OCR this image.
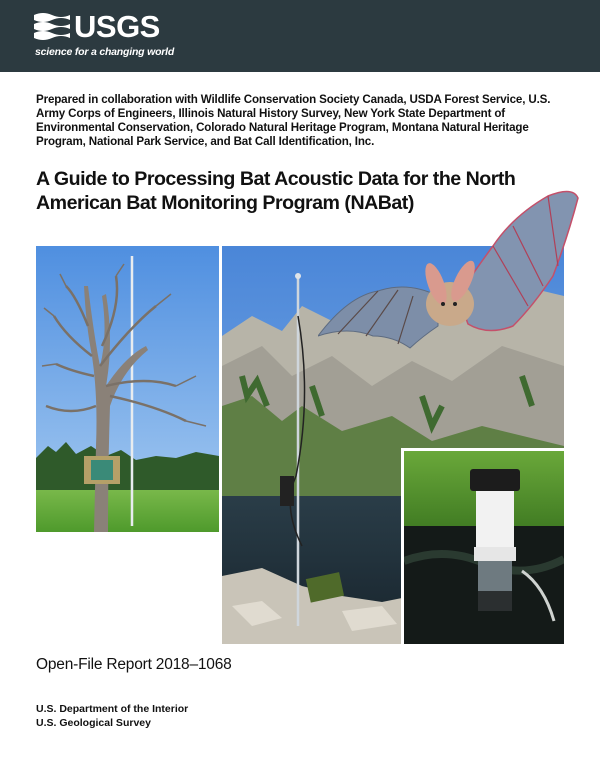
USGS
science for a changing world
Prepared in collaboration with Wildlife Conservation Society Canada, USDA Forest Service, U.S. Army Corps of Engineers, Illinois Natural History Survey, New York State Department of Environmental Conservation, Colorado Natural Heritage Program, Montana Natural Heritage Program, National Park Service, and Bat Call Identification, Inc.
A Guide to Processing Bat Acoustic Data for the North American Bat Monitoring Program (NABat)
Open-File Report 2018–1068
U.S. Department of the Interior
U.S. Geological Survey
